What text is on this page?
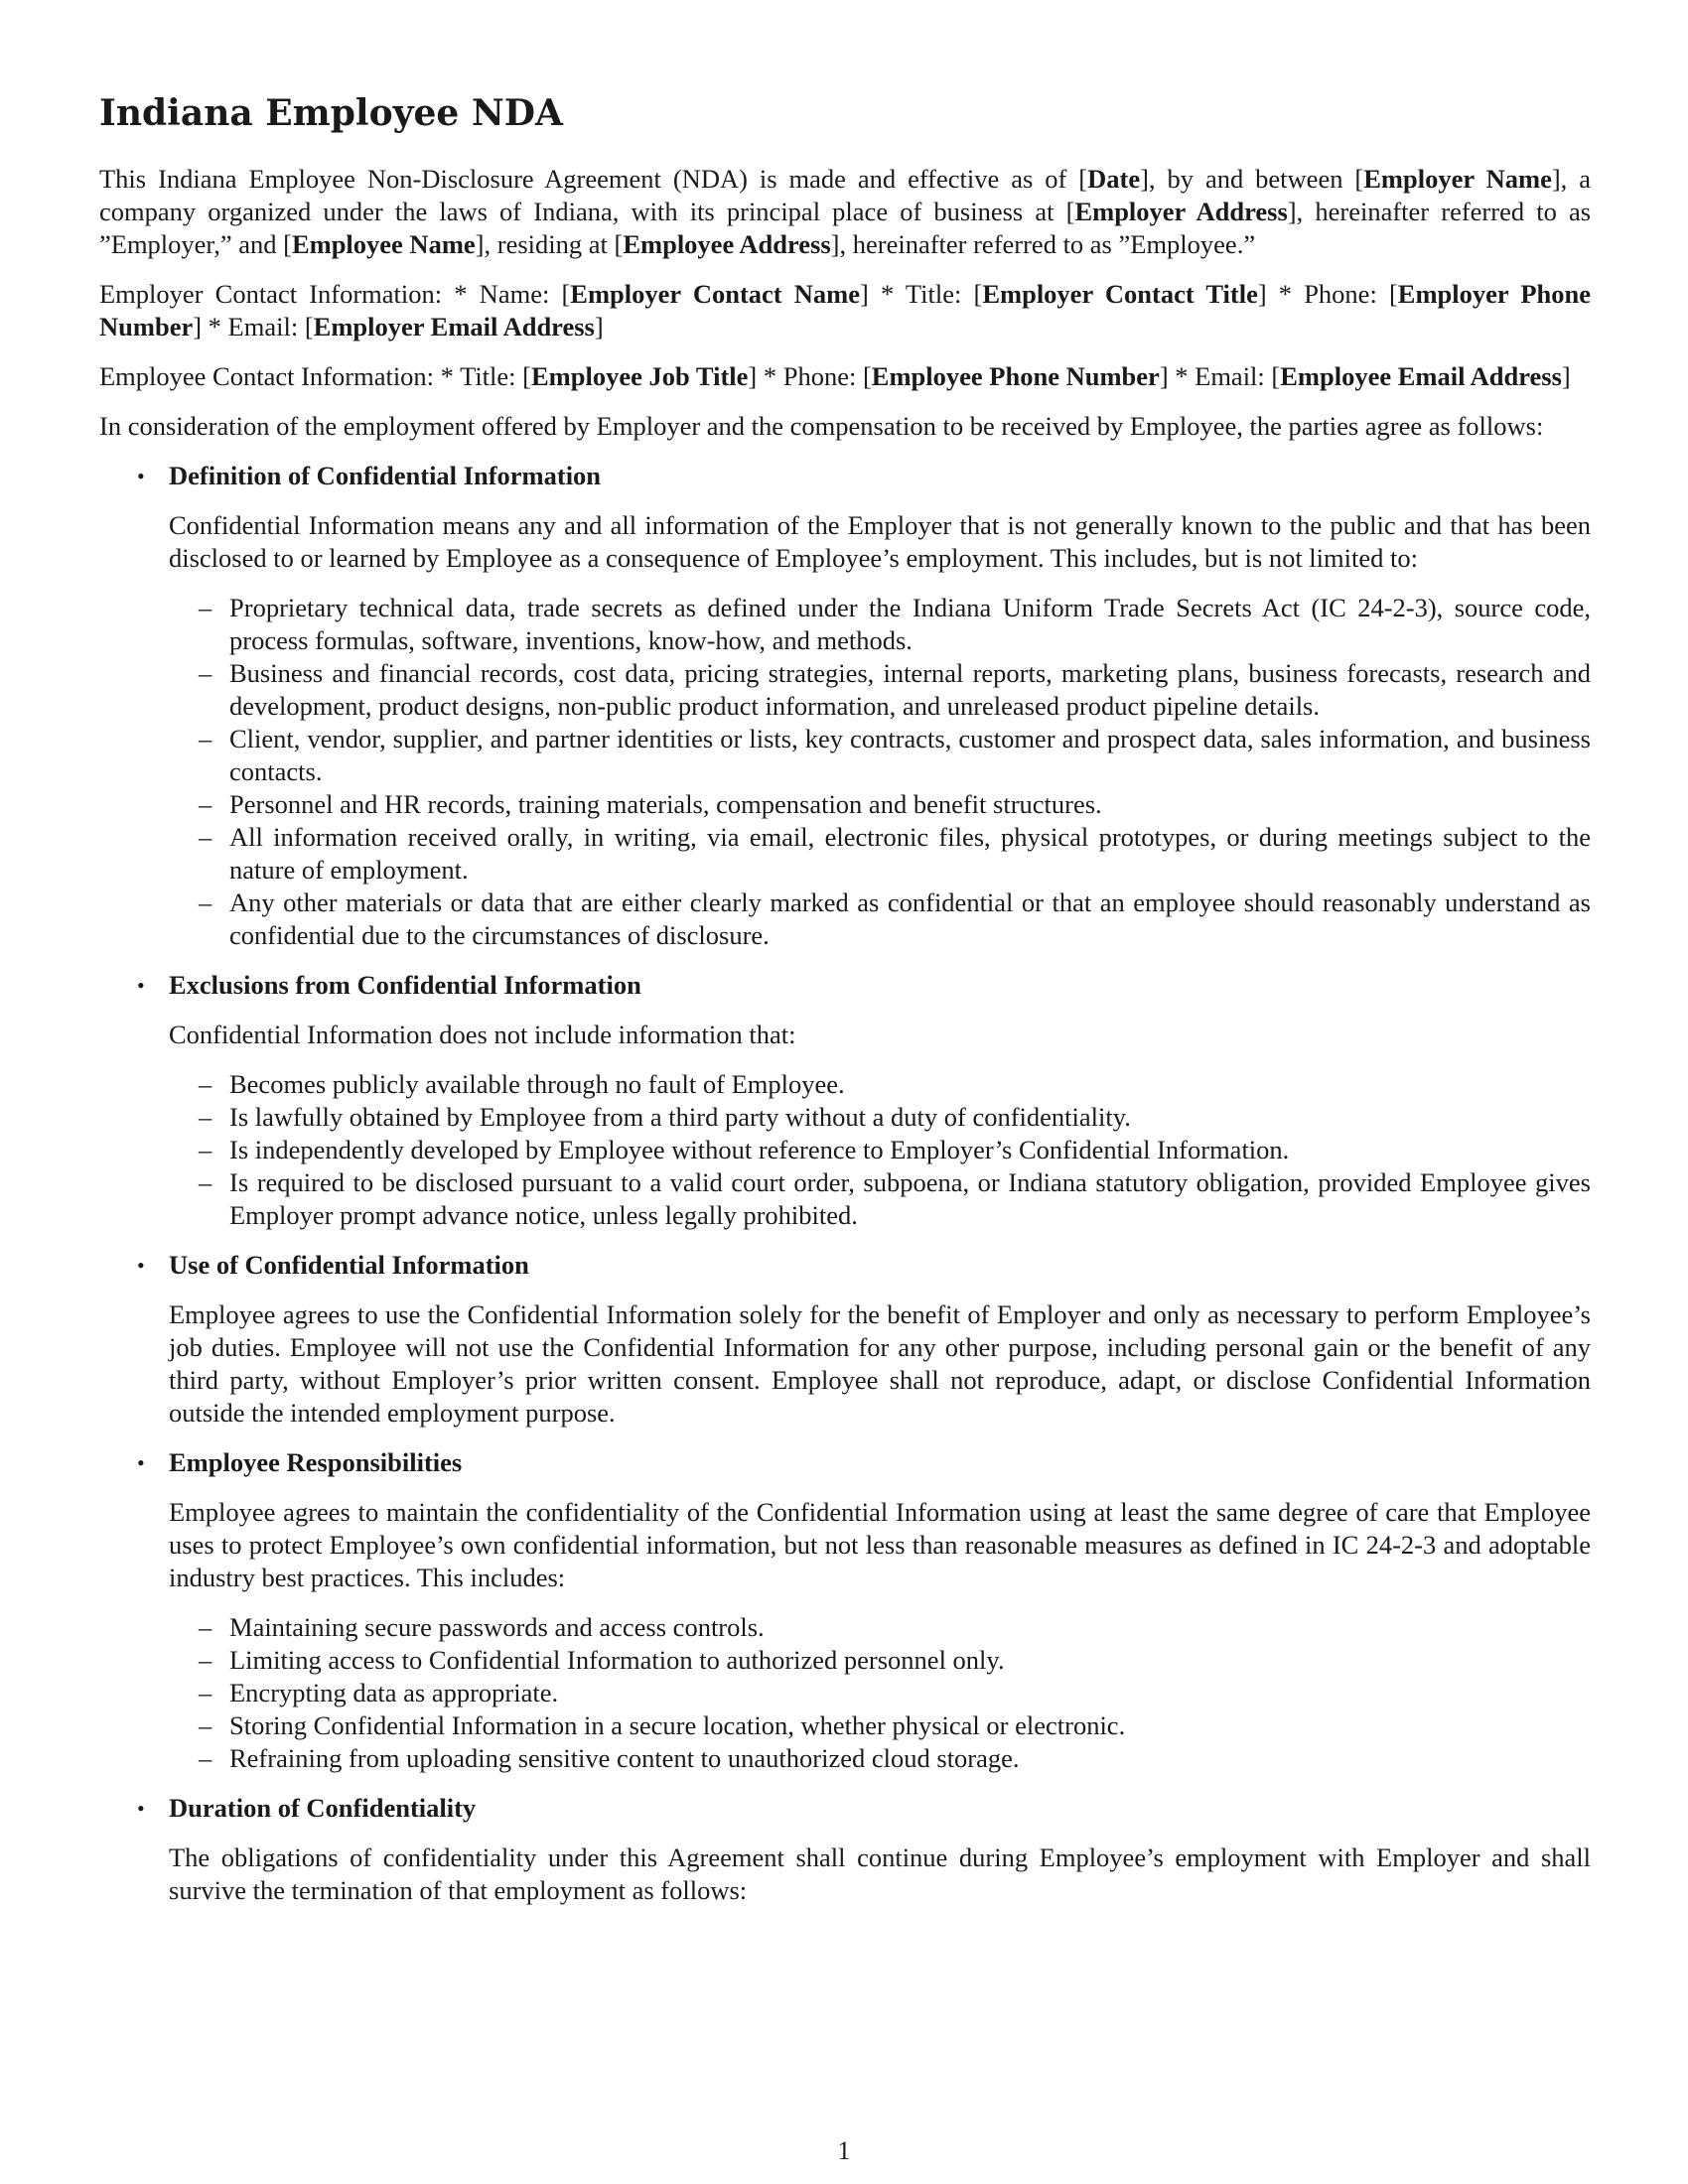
Indiana Employee NDA

This Indiana Employee Non-Disclosure Agreement (NDA) is made and effective as of [Date], by and between [Employer Name], a company organized under the laws of Indiana, with its principal place of business at [Employer Address], hereinafter referred to as ”Employer,” and [Employee Name], residing at [Employee Address], hereinafter referred to as ”Employee.”

Employer Contact Information: * Name: [Employer Contact Name] * Title: [Employer Contact Title] * Phone: [Employer Phone Number] * Email: [Employer Email Address]

Employee Contact Information: * Title: [Employee Job Title] * Phone: [Employee Phone Number] * Email: [Employee Email Address]

In consideration of the employment offered by Employer and the compensation to be received by Employee, the parties agree as follows:

• Definition of Confidential Information
Confidential Information means any and all information of the Employer that is not generally known to the public and that has been disclosed to or learned by Employee as a consequence of Employee’s employment. This includes, but is not limited to:
– Proprietary technical data, trade secrets as defined under the Indiana Uniform Trade Secrets Act (IC 24-2-3), source code, process formulas, software, inventions, know-how, and methods.
– Business and financial records, cost data, pricing strategies, internal reports, marketing plans, business forecasts, research and development, product designs, non-public product information, and unreleased product pipeline details.
– Client, vendor, supplier, and partner identities or lists, key contracts, customer and prospect data, sales information, and business contacts.
– Personnel and HR records, training materials, compensation and benefit structures.
– All information received orally, in writing, via email, electronic files, physical prototypes, or during meetings subject to the nature of employment.
– Any other materials or data that are either clearly marked as confidential or that an employee should reasonably understand as confidential due to the circumstances of disclosure.
• Exclusions from Confidential Information
Confidential Information does not include information that:
– Becomes publicly available through no fault of Employee.
– Is lawfully obtained by Employee from a third party without a duty of confidentiality.
– Is independently developed by Employee without reference to Employer’s Confidential Information.
– Is required to be disclosed pursuant to a valid court order, subpoena, or Indiana statutory obligation, provided Employee gives Employer prompt advance notice, unless legally prohibited.
• Use of Confidential Information
Employee agrees to use the Confidential Information solely for the benefit of Employer and only as necessary to perform Employee’s job duties. Employee will not use the Confidential Information for any other purpose, including personal gain or the benefit of any third party, without Employer’s prior written consent. Employee shall not reproduce, adapt, or disclose Confidential Information outside the intended employment purpose.
• Employee Responsibilities
Employee agrees to maintain the confidentiality of the Confidential Information using at least the same degree of care that Employee uses to protect Employee’s own confidential information, but not less than reasonable measures as defined in IC 24-2-3 and adoptable industry best practices. This includes:
– Maintaining secure passwords and access controls.
– Limiting access to Confidential Information to authorized personnel only.
– Encrypting data as appropriate.
– Storing Confidential Information in a secure location, whether physical or electronic.
– Refraining from uploading sensitive content to unauthorized cloud storage.
• Duration of Confidentiality
The obligations of confidentiality under this Agreement shall continue during Employee’s employment with Employer and shall survive the termination of that employment as follows:
1
